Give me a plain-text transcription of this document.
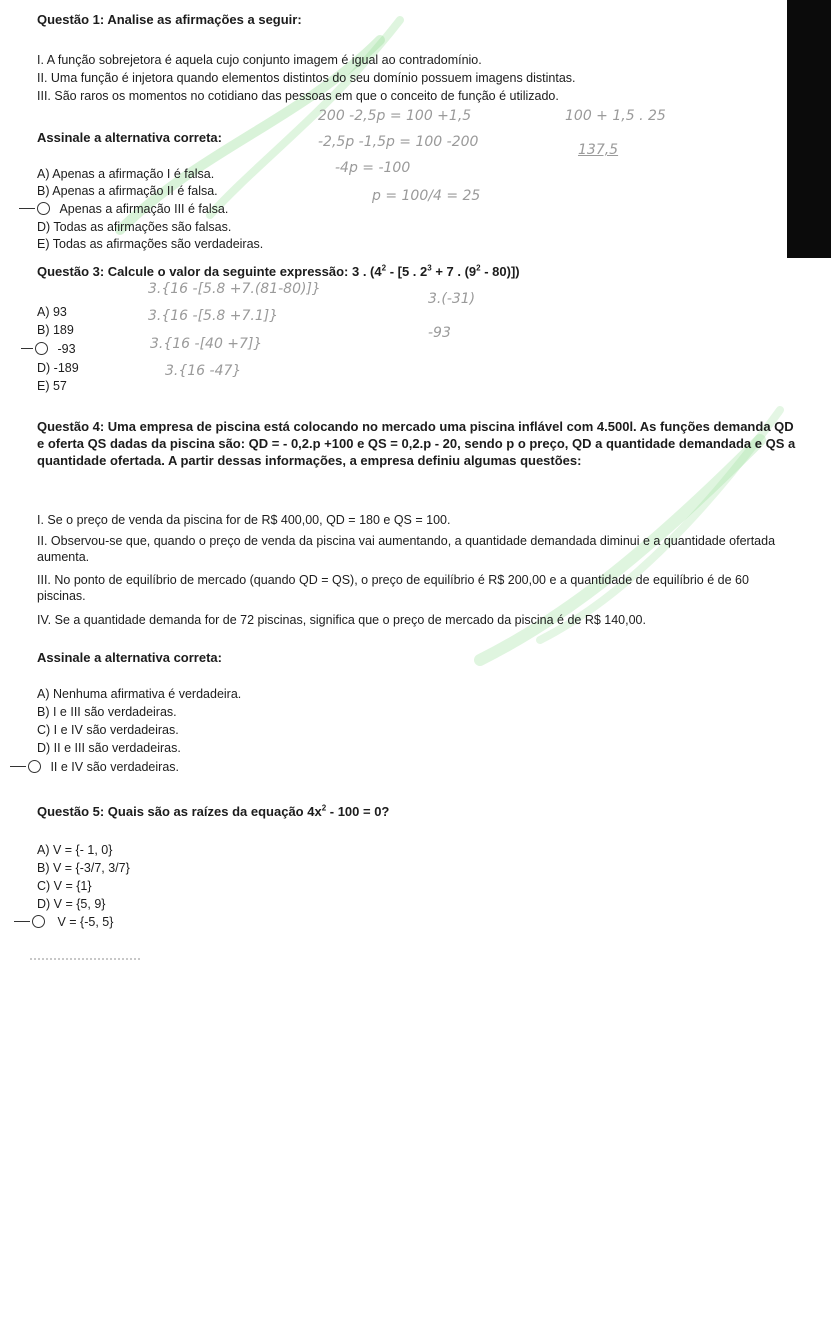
Questão 1: Analise as afirmações a seguir:
I. A função sobrejetora é aquela cujo conjunto imagem é igual ao contradomínio.
II. Uma função é injetora quando elementos distintos do seu domínio possuem imagens distintas.
III. São raros os momentos no cotidiano das pessoas em que o conceito de função é utilizado.
Assinale a alternativa correta:
A) Apenas a afirmação I é falsa.
B) Apenas a afirmação II é falsa.
Apenas a afirmação III é falsa.
D) Todas as afirmações são falsas.
E) Todas as afirmações são verdadeiras.
200 -2,5p = 100 +1,5
-2,5p -1,5p = 100 -200
-4p = -100
p = 100/4 = 25
100 + 1,5 . 25
137,5
Questão 3: Calcule o valor da seguinte expressão: 3 . ($4^2 - [5$ . $2^3 + 7$ . $(9^2 - 80)$])
A) 93
B) 189
-93
D) -189
E) 57
3.{16 -[5.8 +7.(81-80)]}
3.{16 -[5.8 +7.1]}
3.{16 -[40 +7]}
3.{16 -47}
3.(-31)
-93
Questão 4: Uma empresa de piscina está colocando no mercado uma piscina inflável com 4.500l. As funções demanda QD e oferta QS dadas da piscina são: QD = - 0,2.p +100 e QS = 0,2.p - 20, sendo p o preço, QD a quantidade demandada e QS a quantidade ofertada. A partir dessas informações, a empresa definiu algumas questões:
I. Se o preço de venda da piscina for de R$ 400,00, QD = 180 e QS = 100.
II. Observou-se que, quando o preço de venda da piscina vai aumentando, a quantidade demandada diminui e a quantidade ofertada aumenta.
III. No ponto de equilíbrio de mercado (quando QD = QS), o preço de equilíbrio é R$ 200,00 e a quantidade de equilíbrio é de 60 piscinas.
IV. Se a quantidade demanda for de 72 piscinas, significa que o preço de mercado da piscina é de R$ 140,00.
Assinale a alternativa correta:
A) Nenhuma afirmativa é verdadeira.
B) I e III são verdadeiras.
C) I e IV são verdadeiras.
D) II e III são verdadeiras.
II e IV são verdadeiras.
Questão 5: Quais são as raízes da equação $4x^2 - 100 = 0$?
A) V = {- 1, 0}
B) V = {-3/7, 3/7}
C) V = {1}
D) V = {5, 9}
V = {-5, 5}
